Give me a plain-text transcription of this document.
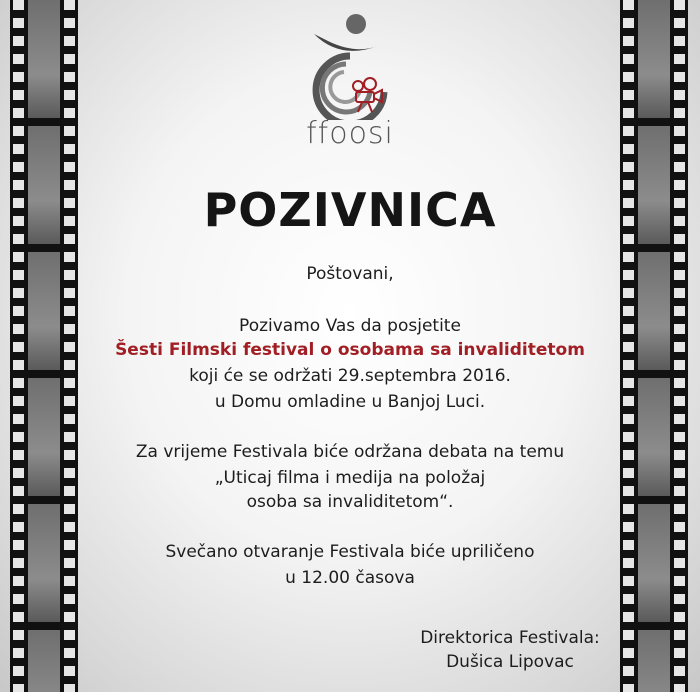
ffoosi
POZIVNICA
Poštovani,
Pozivamo Vas da posjetite
Šesti Filmski festival o osobama sa invaliditetom
koji će se održati 29.septembra 2016.
u Domu omladine u Banjoj Luci.
Za vrijeme Festivala biće održana debata na temu
„Uticaj filma i medija na položaj
osoba sa invaliditetom“.
Svečano otvaranje Festivala biće upriličeno
u 12.00 časova
Direktorica Festivala:
Dušica Lipovac
